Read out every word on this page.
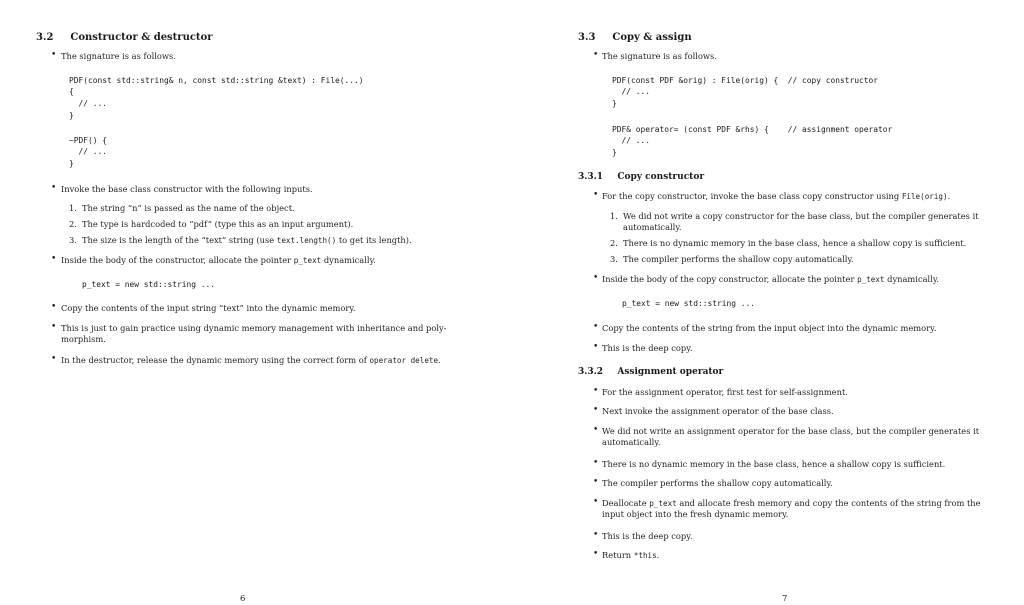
3.2 Constructor & destructor
• The signature is as follows.
PDF(const std::string& n, const std::string &text) : File(...)
{
// ...
}
~PDF() {
// ...
}
• Invoke the base class constructor with the following inputs.
1. The string “n” is passed as the name of the object.
2. The type is hardcoded to “pdf” (type this as an input argument).
3. The size is the length of the “text” string (use text.length() to get its length).
• Inside the body of the constructor, allocate the pointer p_text dynamically.
p_text = new std::string ...
• Copy the contents of the input string “text” into the dynamic memory.
• This is just to gain practice using dynamic memory management with inheritance and poly-morphism.
• In the destructor, release the dynamic memory using the correct form of operator delete.
6
3.3 Copy & assign
• The signature is as follows.
PDF(const PDF &orig) : File(orig) {  // copy constructor
// ...
}
PDF& operator= (const PDF &rhs) {    // assignment operator
// ...
}
3.3.1 Copy constructor
• For the copy constructor, invoke the base class copy constructor using File(orig).
1. We did not write a copy constructor for the base class, but the compiler generates it automatically.
2. There is no dynamic memory in the base class, hence a shallow copy is sufficient.
3. The compiler performs the shallow copy automatically.
• Inside the body of the copy constructor, allocate the pointer p_text dynamically.
p_text = new std::string ...
• Copy the contents of the string from the input object into the dynamic memory.
• This is the deep copy.
3.3.2 Assignment operator
• For the assignment operator, first test for self-assignment.
• Next invoke the assignment operator of the base class.
• We did not write an assignment operator for the base class, but the compiler generates it automatically.
• There is no dynamic memory in the base class, hence a shallow copy is sufficient.
• The compiler performs the shallow copy automatically.
• Deallocate p_text and allocate fresh memory and copy the contents of the string from the input object into the fresh dynamic memory.
• This is the deep copy.
• Return *this.
7
